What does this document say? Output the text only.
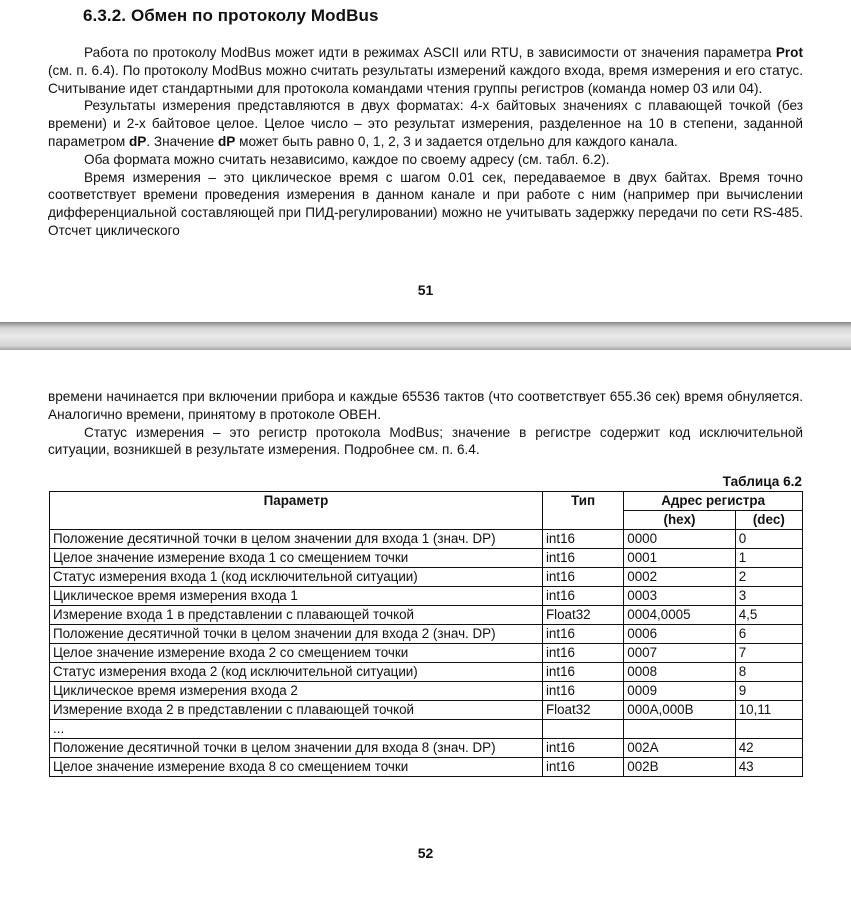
6.3.2. Обмен по протоколу ModBus

Работа по протоколу ModBus может идти в режимах ASCII или RTU, в зависимости от значения параметра Prot (см. п. 6.4). По протоколу ModBus можно считать результаты измерений каждого входа, время измерения и его статус. Считывание идет стандартными для протокола командами чтения группы регистров (команда номер 03 или 04).

Результаты измерения представляются в двух форматах: 4-х байтовых значениях с плавающей точкой (без времени) и 2-х байтовое целое. Целое число – это результат измерения, разделенное на 10 в степени, заданной параметром dP. Значение dP может быть равно 0, 1, 2, 3 и задается отдельно для каждого канала.

Оба формата можно считать независимо, каждое по своему адресу (см. табл. 6.2).

Время измерения – это циклическое время с шагом 0.01 сек, передаваемое в двух байтах. Время точно соответствует времени проведения измерения в данном канале и при работе с ним (например при вычислении дифференциальной составляющей при ПИД-регулировании) можно не учитывать задержку передачи по сети RS-485. Отсчет циклического

51

времени начинается при включении прибора и каждые 65536 тактов (что соответствует 655.36 сек) время обнуляется. Аналогично времени, принятому в протоколе ОВЕН.

Статус измерения – это регистр протокола ModBus; значение в регистре содержит код исключительной ситуации, возникшей в результате измерения. Подробнее см. п. 6.4.

Таблица 6.2
Параметр	Тип	Адрес регистра	
		(hex)	(dec)
Положение десятичной точки в целом значении для входа 1 (знач. DP)	int16	0000	0
Целое значение измерение входа 1 со смещением точки	int16	0001	1
Статус измерения входа 1 (код исключительной ситуации)	int16	0002	2
Циклическое время измерения входа 1	int16	0003	3
Измерение входа 1 в представлении с плавающей точкой	Float32	0004,0005	4,5
Положение десятичной точки в целом значении для входа 2 (знач. DP)	int16	0006	6
Целое значение измерение входа 2 со смещением точки	int16	0007	7
Статус измерения входа 2 (код исключительной ситуации)	int16	0008	8
Циклическое время измерения входа 2	int16	0009	9
Измерение входа 2 в представлении с плавающей точкой	Float32	000A,000B	10,11
...			
Положение десятичной точки в целом значении для входа 8 (знач. DP)	int16	002A	42
Целое значение измерение входа 8 со смещением точки	int16	002B	43
52
